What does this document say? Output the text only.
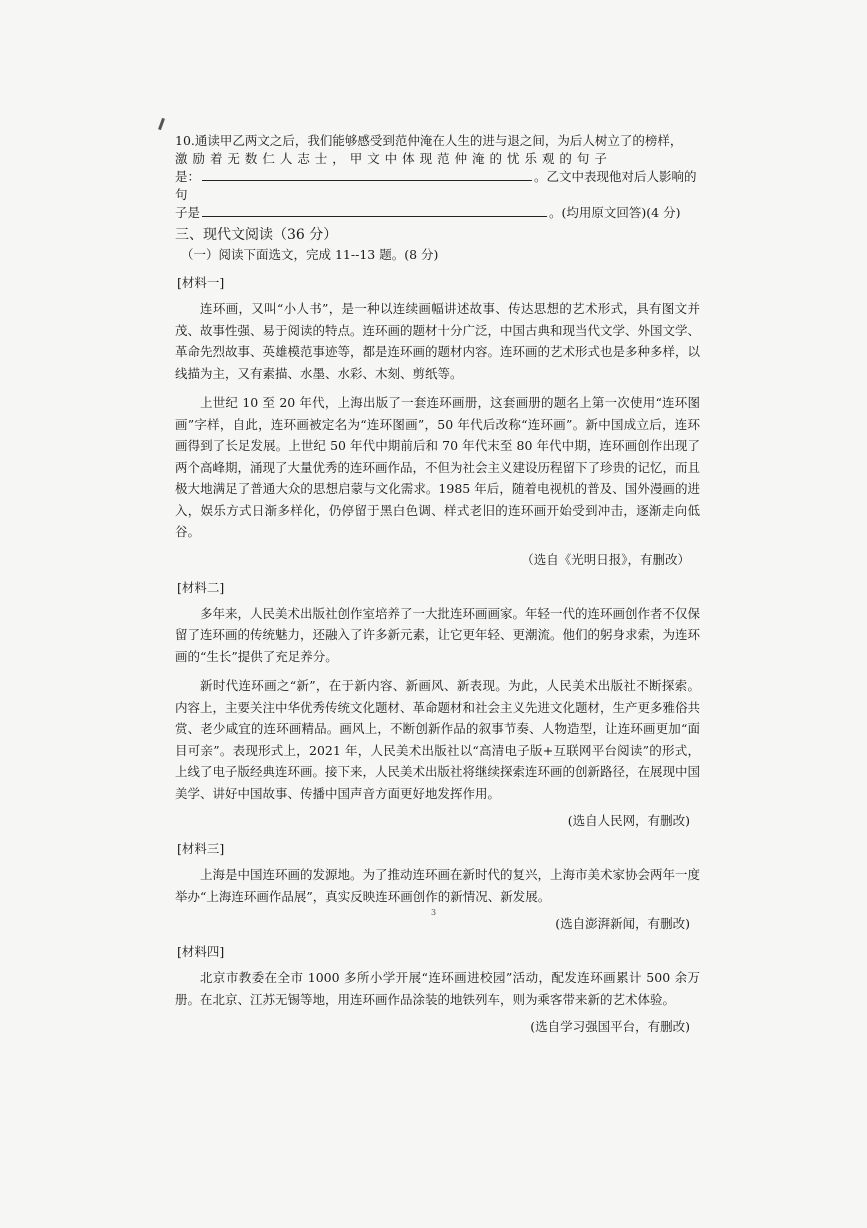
10.通读甲乙两文之后，我们能够感受到范仲淹在人生的进与退之间，为后人树立了的榜样，

激 励 着 无 数 仁 人 志 士 ， 甲 文 中 体 现 范 仲 淹 的 忧 乐 观 的 句 子

是：	。乙文中表现他对后人影响的句

子是	。(均用原文回答)(4 分)

三、现代文阅读（36 分）
（一）阅读下面选文，完成 11--13 题。(8 分)
[材料一]

连环画，又叫“小人书”，是一种以连续画幅讲述故事、传达思想的艺术形式，具有图文并茂、故事性强、易于阅读的特点。连环画的题材十分广泛，中国古典和现当代文学、外国文学、革命先烈故事、英雄模范事迹等，都是连环画的题材内容。连环画的艺术形式也是多种多样，以线描为主，又有素描、水墨、水彩、木刻、剪纸等。

上世纪 10 至 20 年代，上海出版了一套连环画册，这套画册的题名上第一次使用“连环图画”字样，自此，连环画被定名为“连环图画”，50 年代后改称“连环画”。新中国成立后，连环画得到了长足发展。上世纪 50 年代中期前后和 70 年代末至 80 年代中期，连环画创作出现了两个高峰期，涌现了大量优秀的连环画作品，不但为社会主义建设历程留下了珍贵的记忆，而且极大地满足了普通大众的思想启蒙与文化需求。1985 年后，随着电视机的普及、国外漫画的进入，娱乐方式日渐多样化，仍停留于黑白色调、样式老旧的连环画开始受到冲击，逐渐走向低谷。

（选自《光明日报》，有删改）
[材料二]

多年来，人民美术出版社创作室培养了一大批连环画画家。年轻一代的连环画创作者不仅保留了连环画的传统魅力，还融入了许多新元素，让它更年轻、更潮流。他们的躬身求索，为连环画的“生长”提供了充足养分。

新时代连环画之“新”，在于新内容、新画风、新表现。为此，人民美术出版社不断探索。内容上，主要关注中华优秀传统文化题材、革命题材和社会主义先进文化题材，生产更多雅俗共赏、老少咸宜的连环画精品。画风上，不断创新作品的叙事节奏、人物造型，让连环画更加“面目可亲”。表现形式上，2021 年，人民美术出版社以“高清电子版+互联网平台阅读”的形式，上线了电子版经典连环画。接下来，人民美术出版社将继续探索连环画的创新路径，在展现中国美学、讲好中国故事、传播中国声音方面更好地发挥作用。

(选自人民网，有删改)
[材料三]

上海是中国连环画的发源地。为了推动连环画在新时代的复兴，上海市美术家协会两年一度举办“上海连环画作品展”，真实反映连环画创作的新情况、新发展。

(选自澎湃新闻，有删改)
[材料四]

北京市教委在全市 1000 多所小学开展“连环画进校园”活动，配发连环画累计 500 余万册。在北京、江苏无锡等地，用连环画作品涂装的地铁列车，则为乘客带来新的艺术体验。

(选自学习强国平台，有删改)
3
